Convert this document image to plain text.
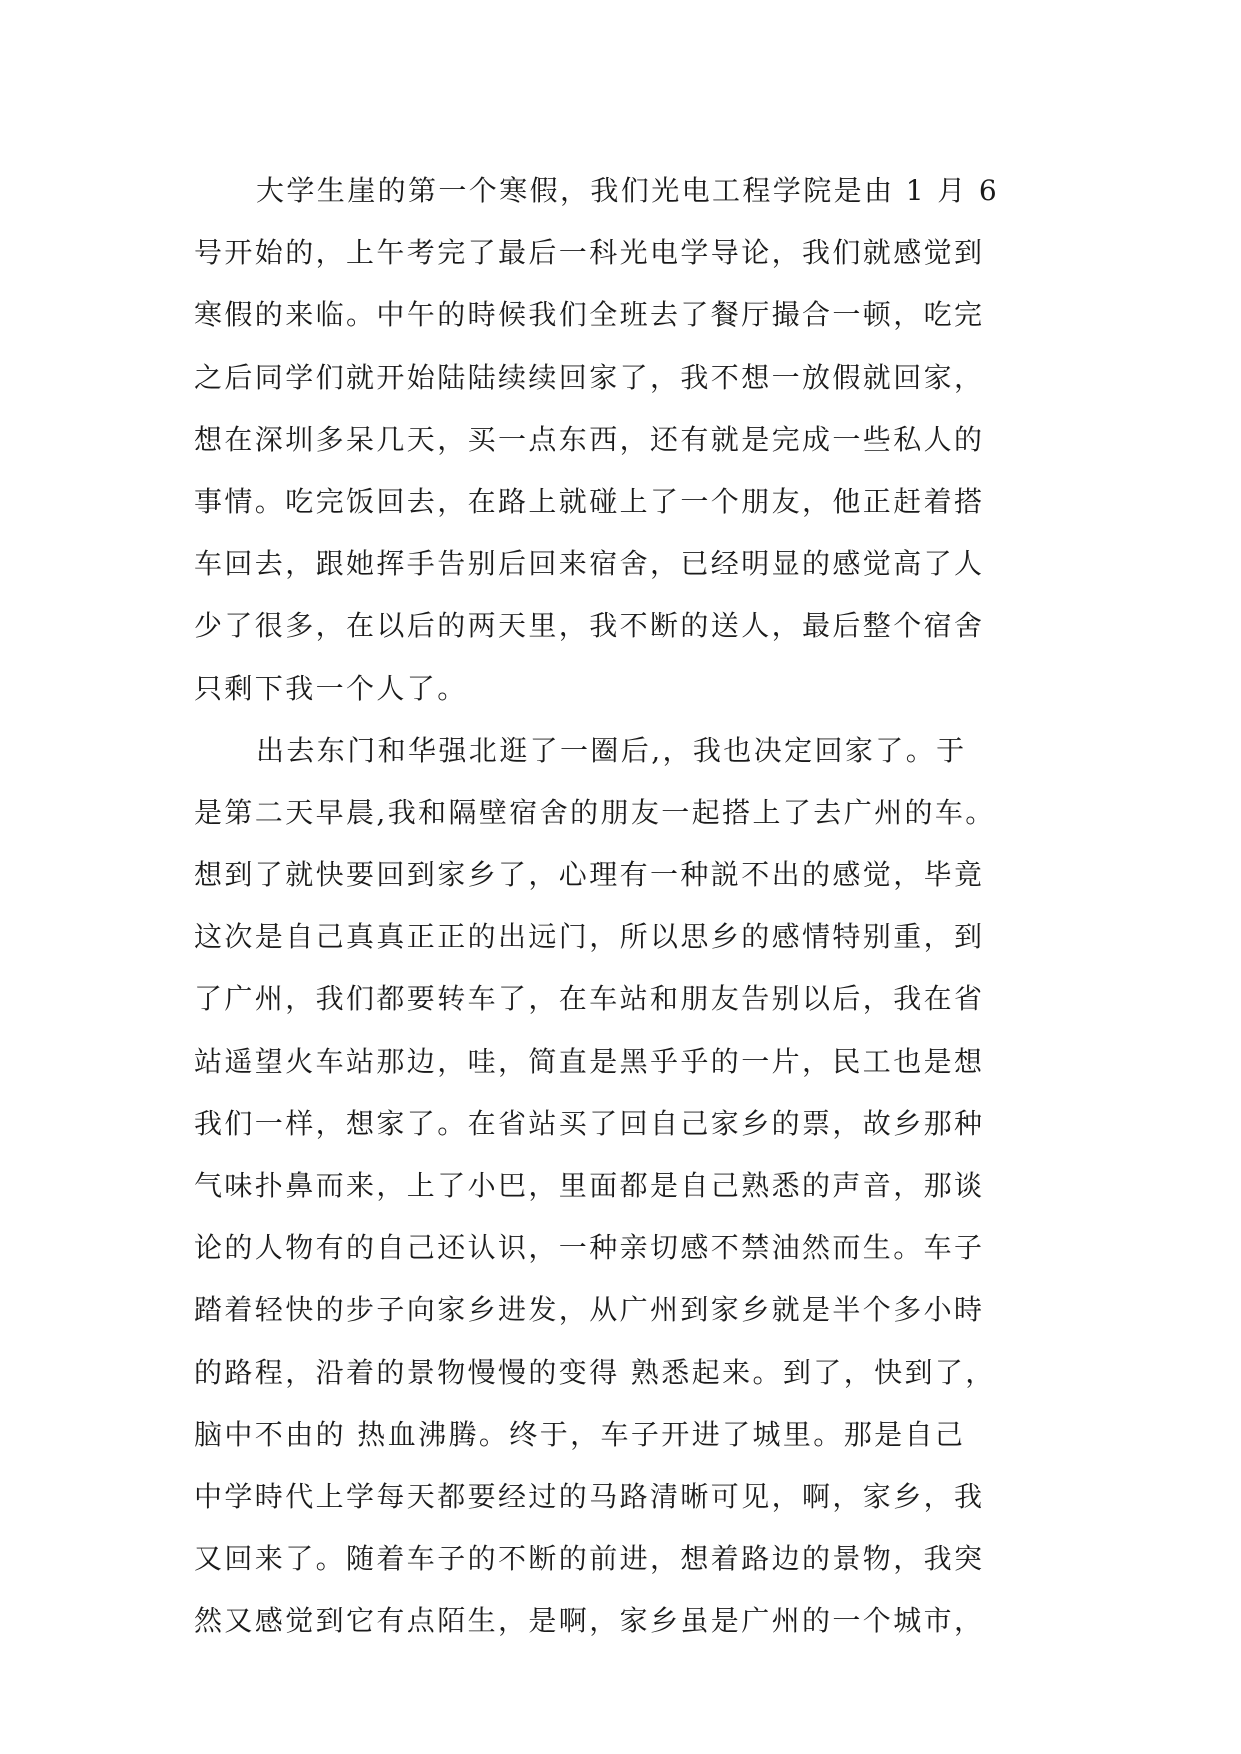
大学生崖的第一个寒假，我们光电工程学院是由 1 月 6
号开始的，上午考完了最后一科光电学导论，我们就感觉到
寒假的来临。中午的時候我们全班去了餐厅撮合一顿，吃完
之后同学们就开始陆陆续续回家了，我不想一放假就回家，
想在深圳多呆几天，买一点东西，还有就是完成一些私人的
事情。吃完饭回去，在路上就碰上了一个朋友，他正赶着搭
车回去，跟她挥手告别后回来宿舍，已经明显的感觉高了人
少了很多，在以后的两天里，我不断的送人，最后整个宿舍
只剩下我一个人了。
出去东门和华强北逛了一圈后,，我也决定回家了。于
是第二天早晨,我和隔壁宿舍的朋友一起搭上了去广州的车。
想到了就快要回到家乡了，心理有一种説不出的感觉，毕竟
这次是自己真真正正的出远门，所以思乡的感情特别重，到
了广州，我们都要转车了，在车站和朋友告别以后，我在省
站遥望火车站那边，哇，简直是黑乎乎的一片，民工也是想
我们一样，想家了。在省站买了回自己家乡的票，故乡那种
气味扑鼻而来，上了小巴，里面都是自己熟悉的声音，那谈
论的人物有的自己还认识，一种亲切感不禁油然而生。车子
踏着轻快的步子向家乡进发，从广州到家乡就是半个多小時
的路程，沿着的景物慢慢的变得 熟悉起来。到了，快到了，
脑中不由的 热血沸腾。终于，车子开进了城里。那是自己
中学時代上学每天都要经过的马路清晰可见，啊，家乡，我
又回来了。随着车子的不断的前进，想着路边的景物，我突
然又感觉到它有点陌生，是啊，家乡虽是广州的一个城市，
